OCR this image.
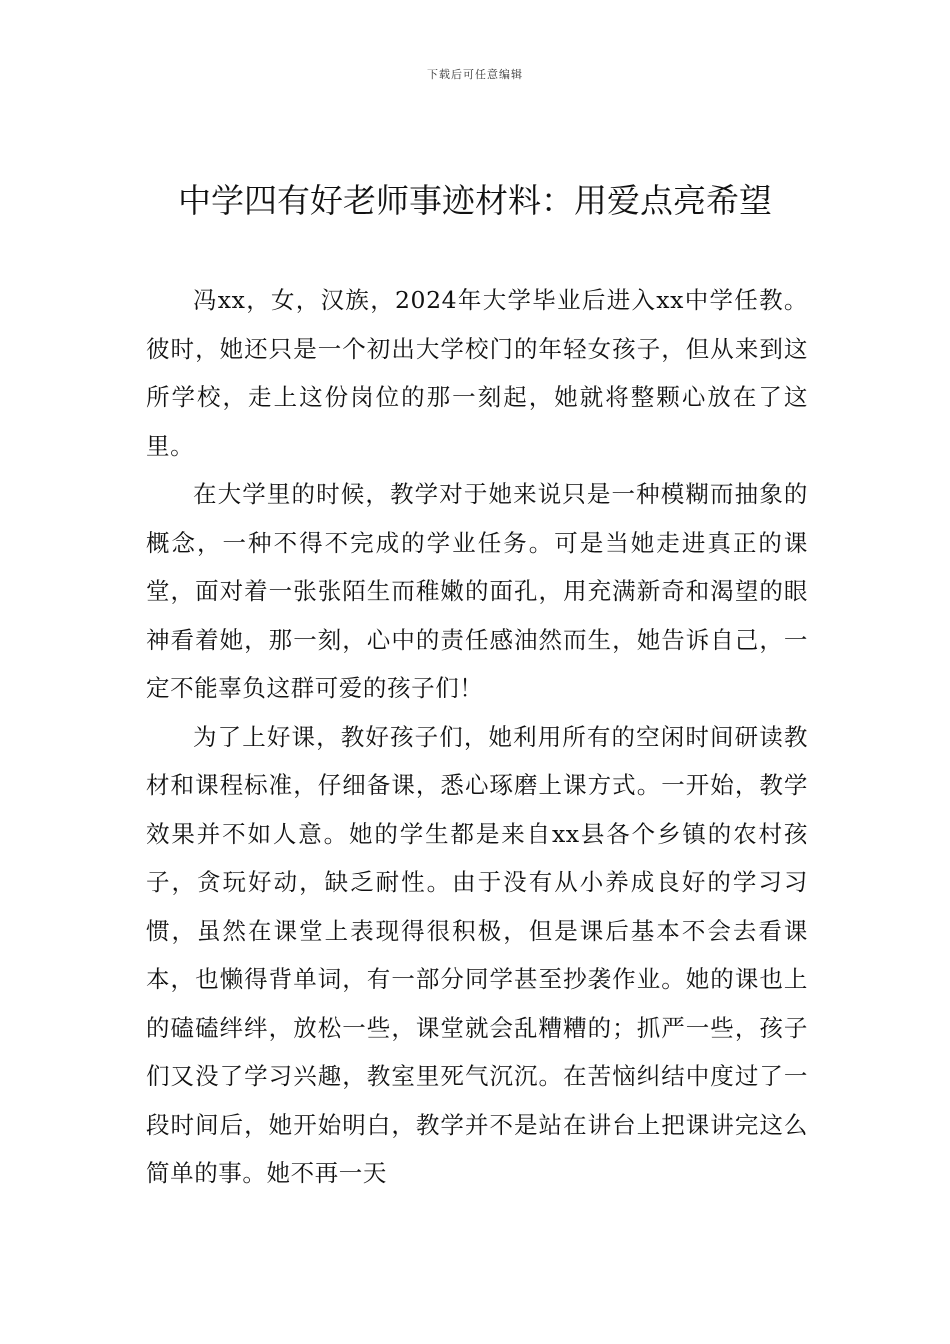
下载后可任意编辑
中学四有好老师事迹材料：用爱点亮希望

冯xx，女，汉族，2024年大学毕业后进入xx中学任教。彼时，她还只是一个初出大学校门的年轻女孩子，但从来到这所学校，走上这份岗位的那一刻起，她就将整颗心放在了这里。

在大学里的时候，教学对于她来说只是一种模糊而抽象的概念，一种不得不完成的学业任务。可是当她走进真正的课堂，面对着一张张陌生而稚嫩的面孔，用充满新奇和渴望的眼神看着她，那一刻，心中的责任感油然而生，她告诉自己，一定不能辜负这群可爱的孩子们！

为了上好课，教好孩子们，她利用所有的空闲时间研读教材和课程标准，仔细备课，悉心琢磨上课方式。一开始，教学效果并不如人意。她的学生都是来自xx县各个乡镇的农村孩子，贪玩好动，缺乏耐性。由于没有从小养成良好的学习习惯，虽然在课堂上表现得很积极，但是课后基本不会去看课本，也懒得背单词，有一部分同学甚至抄袭作业。她的课也上的磕磕绊绊，放松一些，课堂就会乱糟糟的；抓严一些，孩子们又没了学习兴趣，教室里死气沉沉。在苦恼纠结中度过了一段时间后，她开始明白，教学并不是站在讲台上把课讲完这么简单的事。她不再一天
